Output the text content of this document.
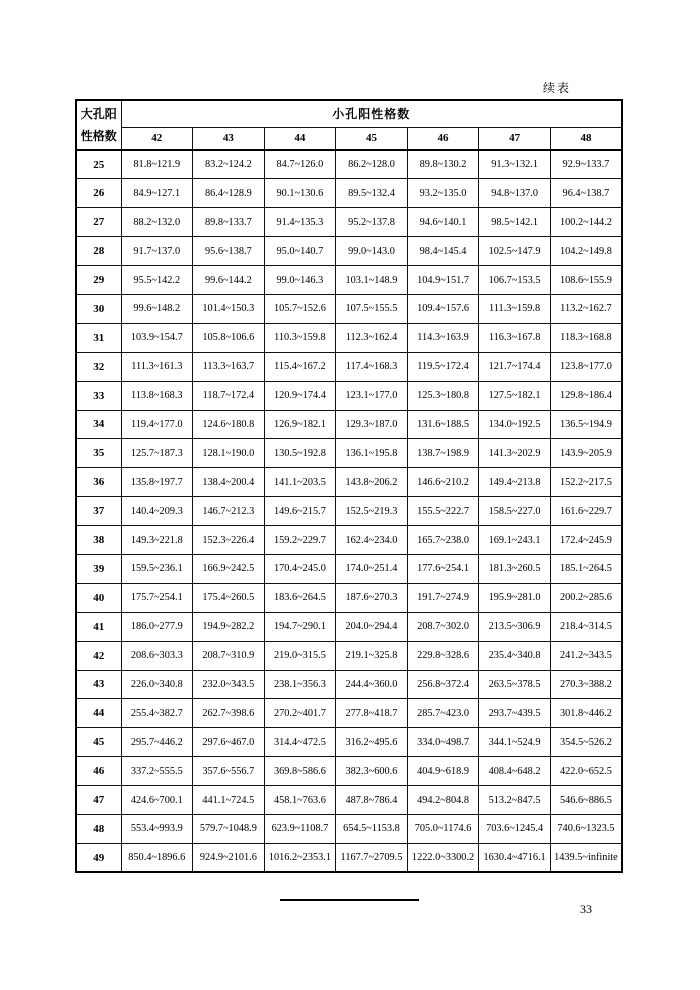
续表
大孔阳
性格数	小孔阳性格数						
	42	43	44	45	46	47	48
25	81.8~121.9	83.2~124.2	84.7~126.0	86.2~128.0	89.8~130.2	91.3~132.1	92.9~133.7
26	84.9~127.1	86.4~128.9	90.1~130.6	89.5~132.4	93.2~135.0	94.8~137.0	96.4~138.7
27	88.2~132.0	89.8~133.7	91.4~135.3	95.2~137.8	94.6~140.1	98.5~142.1	100.2~144.2
28	91.7~137.0	95.6~138.7	95.0~140.7	99.0~143.0	98.4~145.4	102.5~147.9	104.2~149.8
29	95.5~142.2	99.6~144.2	99.0~146.3	103.1~148.9	104.9~151.7	106.7~153.5	108.6~155.9
30	99.6~148.2	101.4~150.3	105.7~152.6	107.5~155.5	109.4~157.6	111.3~159.8	113.2~162.7
31	103.9~154.7	105.8~106.6	110.3~159.8	112.3~162.4	114.3~163.9	116.3~167.8	118.3~168.8
32	111.3~161.3	113.3~163.7	115.4~167.2	117.4~168.3	119.5~172.4	121.7~174.4	123.8~177.0
33	113.8~168.3	118.7~172.4	120.9~174.4	123.1~177.0	125.3~180.8	127.5~182.1	129.8~186.4
34	119.4~177.0	124.6~180.8	126.9~182.1	129.3~187.0	131.6~188.5	134.0~192.5	136.5~194.9
35	125.7~187.3	128.1~190.0	130.5~192.8	136.1~195.8	138.7~198.9	141.3~202.9	143.9~205.9
36	135.8~197.7	138.4~200.4	141.1~203.5	143.8~206.2	146.6~210.2	149.4~213.8	152.2~217.5
37	140.4~209.3	146.7~212.3	149.6~215.7	152.5~219.3	155.5~222.7	158.5~227.0	161.6~229.7
38	149.3~221.8	152.3~226.4	159.2~229.7	162.4~234.0	165.7~238.0	169.1~243.1	172.4~245.9
39	159.5~236.1	166.9~242.5	170.4~245.0	174.0~251.4	177.6~254.1	181.3~260.5	185.1~264.5
40	175.7~254.1	175.4~260.5	183.6~264.5	187.6~270.3	191.7~274.9	195.9~281.0	200.2~285.6
41	186.0~277.9	194.9~282.2	194.7~290.1	204.0~294.4	208.7~302.0	213.5~306.9	218.4~314.5
42	208.6~303.3	208.7~310.9	219.0~315.5	219.1~325.8	229.8~328.6	235.4~340.8	241.2~343.5
43	226.0~340.8	232.0~343.5	238.1~356.3	244.4~360.0	256.8~372.4	263.5~378.5	270.3~388.2
44	255.4~382.7	262.7~398.6	270.2~401.7	277.8~418.7	285.7~423.0	293.7~439.5	301.8~446.2
45	295.7~446.2	297.6~467.0	314.4~472.5	316.2~495.6	334.0~498.7	344.1~524.9	354.5~526.2
46	337.2~555.5	357.6~556.7	369.8~586.6	382.3~600.6	404.9~618.9	408.4~648.2	422.0~652.5
47	424.6~700.1	441.1~724.5	458.1~763.6	487.8~786.4	494.2~804.8	513.2~847.5	546.6~886.5
48	553.4~993.9	579.7~1048.9	623.9~1108.7	654.5~1153.8	705.0~1174.6	703.6~1245.4	740.6~1323.5
49	850.4~1896.6	924.9~2101.6	1016.2~2353.1	1167.7~2709.5	1222.0~3300.2	1630.4~4716.1	1439.5~infinite
33
